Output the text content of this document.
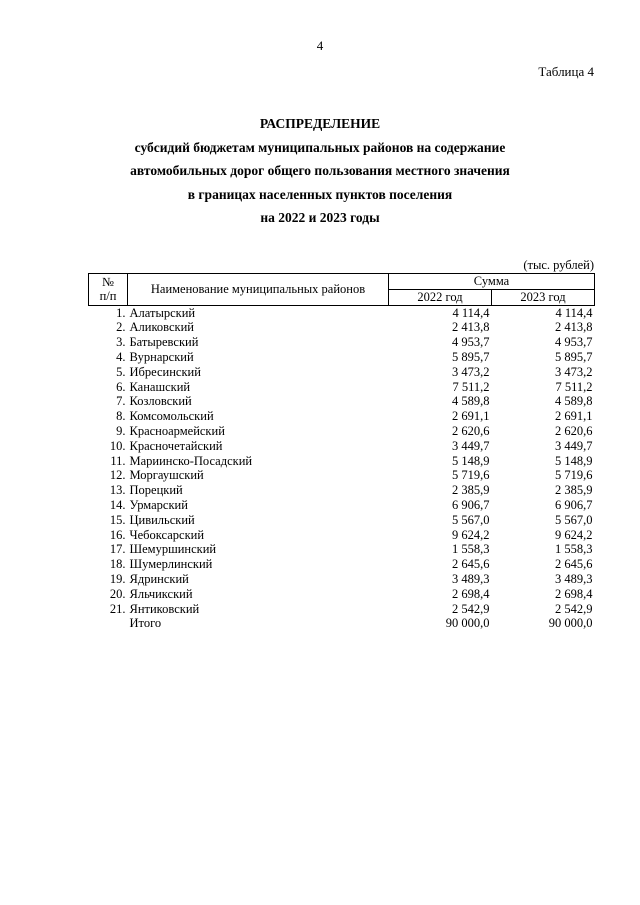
4
Таблица 4
РАСПРЕДЕЛЕНИЕ
субсидий бюджетам муниципальных районов на содержание
автомобильных дорог общего пользования местного значения
в границах населенных пунктов поселения
на 2022 и 2023 годы
(тыс. рублей)
№
п/п	Наименование муниципальных районов	Сумма	
		2022 год	2023 год
1.	Алатырский	4 114,4	4 114,4
2.	Аликовский	2 413,8	2 413,8
3.	Батыревский	4 953,7	4 953,7
4.	Вурнарский	5 895,7	5 895,7
5.	Ибресинский	3 473,2	3 473,2
6.	Канашский	7 511,2	7 511,2
7.	Козловский	4 589,8	4 589,8
8.	Комсомольский	2 691,1	2 691,1
9.	Красноармейский	2 620,6	2 620,6
10.	Красночетайский	3 449,7	3 449,7
11.	Мариинско-Посадский	5 148,9	5 148,9
12.	Моргаушский	5 719,6	5 719,6
13.	Порецкий	2 385,9	2 385,9
14.	Урмарский	6 906,7	6 906,7
15.	Цивильский	5 567,0	5 567,0
16.	Чебоксарский	9 624,2	9 624,2
17.	Шемуршинский	1 558,3	1 558,3
18.	Шумерлинский	2 645,6	2 645,6
19.	Ядринский	3 489,3	3 489,3
20.	Яльчикский	2 698,4	2 698,4
21.	Янтиковский	2 542,9	2 542,9
	Итого	90 000,0	90 000,0
